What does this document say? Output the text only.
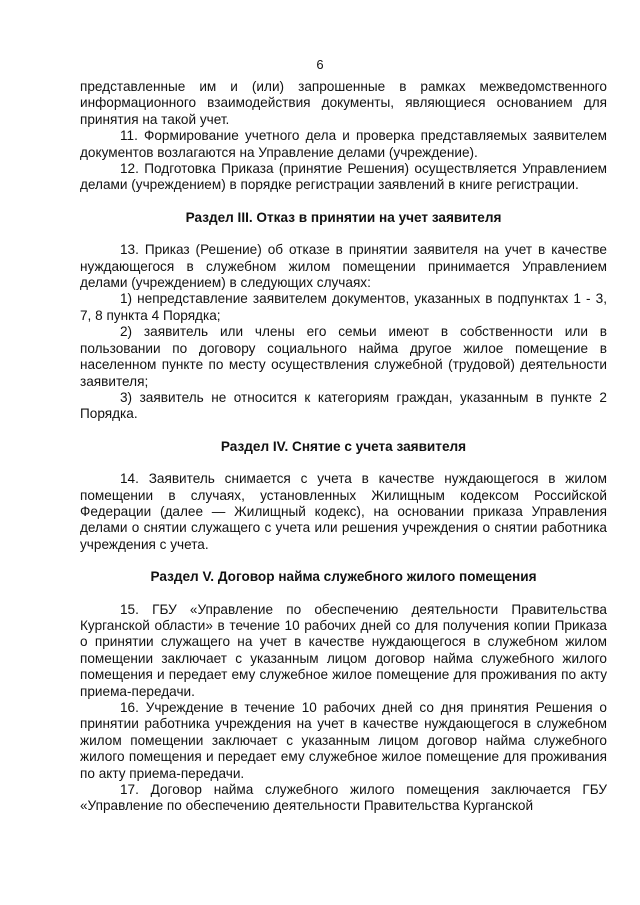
6

представленные им и (или) запрошенные в рамках межведомственного информационного взаимодействия документы, являющиеся основанием для принятия на такой учет.

11. Формирование учетного дела и проверка представляемых заявителем документов возлагаются на Управление делами (учреждение).

12. Подготовка Приказа (принятие Решения) осуществляется Управлением делами (учреждением) в порядке регистрации заявлений в книге регистрации.

Раздел III. Отказ в принятии на учет заявителя

13. Приказ (Решение) об отказе в принятии заявителя на учет в качестве нуждающегося в служебном жилом помещении принимается Управлением делами (учреждением) в следующих случаях:

1) непредставление заявителем документов, указанных в подпунктах 1 - 3, 7, 8 пункта 4 Порядка;

2) заявитель или члены его семьи имеют в собственности или в пользовании по договору социального найма другое жилое помещение в населенном пункте по месту осуществления служебной (трудовой) деятельности заявителя;

3) заявитель не относится к категориям граждан, указанным в пункте 2 Порядка.

Раздел IV. Снятие с учета заявителя

14. Заявитель снимается с учета в качестве нуждающегося в жилом помещении в случаях, установленных Жилищным кодексом Российской Федерации (далее — Жилищный кодекс), на основании приказа Управления делами о снятии служащего с учета или решения учреждения о снятии работника учреждения с учета.

Раздел V. Договор найма служебного жилого помещения

15. ГБУ «Управление по обеспечению деятельности Правительства Курганской области» в течение 10 рабочих дней со для получения копии Приказа о принятии служащего на учет в качестве нуждающегося в служебном жилом помещении заключает с указанным лицом договор найма служебного жилого помещения и передает ему служебное жилое помещение для проживания по акту приема-передачи.

16. Учреждение в течение 10 рабочих дней со дня принятия Решения о принятии работника учреждения на учет в качестве нуждающегося в служебном жилом помещении заключает с указанным лицом договор найма служебного жилого помещения и передает ему служебное жилое помещение для проживания по акту приема-передачи.

17. Договор найма служебного жилого помещения заключается ГБУ «Управление по обеспечению деятельности Правительства Курганской
